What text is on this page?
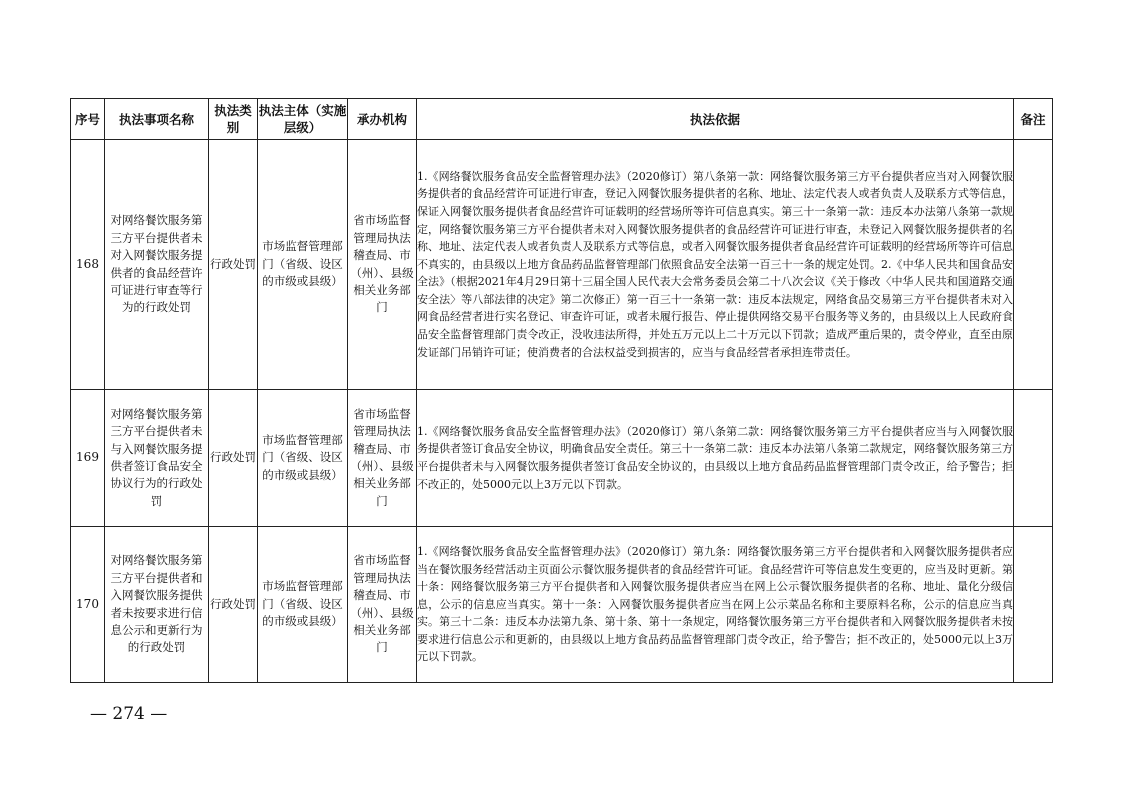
序号	执法事项名称	执法类别	执法主体（实施层级）	承办机构	执法依据	备注
168	对网络餐饮服务第三方平台提供者未对入网餐饮服务提供者的食品经营许可证进行审查等行为的行政处罚	行政处罚	市场监督管理部门（省级、设区的市级或县级）	省市场监督管理局执法稽查局、市（州）、县级相关业务部门	1.《网络餐饮服务食品安全监督管理办法》（2020修订）第八条第一款：网络餐饮服务第三方平台提供者应当对入网餐饮服务提供者的食品经营许可证进行审查，登记入网餐饮服务提供者的名称、地址、法定代表人或者负责人及联系方式等信息，保证入网餐饮服务提供者食品经营许可证载明的经营场所等许可信息真实。第三十一条第一款：违反本办法第八条第一款规定，网络餐饮服务第三方平台提供者未对入网餐饮服务提供者的食品经营许可证进行审查，未登记入网餐饮服务提供者的名称、地址、法定代表人或者负责人及联系方式等信息，或者入网餐饮服务提供者食品经营许可证载明的经营场所等许可信息不真实的，由县级以上地方食品药品监督管理部门依照食品安全法第一百三十一条的规定处罚。2.《中华人民共和国食品安全法》（根据2021年4月29日第十三届全国人民代表大会常务委员会第二十八次会议《关于修改〈中华人民共和国道路交通安全法〉等八部法律的决定》第二次修正）第一百三十一条第一款：违反本法规定，网络食品交易第三方平台提供者未对入网食品经营者进行实名登记、审查许可证，或者未履行报告、停止提供网络交易平台服务等义务的，由县级以上人民政府食品安全监督管理部门责令改正，没收违法所得，并处五万元以上二十万元以下罚款；造成严重后果的，责令停业，直至由原发证部门吊销许可证；使消费者的合法权益受到损害的，应当与食品经营者承担连带责任。	
169	对网络餐饮服务第三方平台提供者未与入网餐饮服务提供者签订食品安全协议行为的行政处罚	行政处罚	市场监督管理部门（省级、设区的市级或县级）	省市场监督管理局执法稽查局、市（州）、县级相关业务部门	1.《网络餐饮服务食品安全监督管理办法》（2020修订）第八条第二款：网络餐饮服务第三方平台提供者应当与入网餐饮服务提供者签订食品安全协议，明确食品安全责任。第三十一条第二款：违反本办法第八条第二款规定，网络餐饮服务第三方平台提供者未与入网餐饮服务提供者签订食品安全协议的，由县级以上地方食品药品监督管理部门责令改正，给予警告；拒不改正的，处5000元以上3万元以下罚款。	
170	对网络餐饮服务第三方平台提供者和入网餐饮服务提供者未按要求进行信息公示和更新行为的行政处罚	行政处罚	市场监督管理部门（省级、设区的市级或县级）	省市场监督管理局执法稽查局、市（州）、县级相关业务部门	1.《网络餐饮服务食品安全监督管理办法》（2020修订）第九条：网络餐饮服务第三方平台提供者和入网餐饮服务提供者应当在餐饮服务经营活动主页面公示餐饮服务提供者的食品经营许可证。食品经营许可等信息发生变更的，应当及时更新。第十条：网络餐饮服务第三方平台提供者和入网餐饮服务提供者应当在网上公示餐饮服务提供者的名称、地址、量化分级信息，公示的信息应当真实。第十一条：入网餐饮服务提供者应当在网上公示菜品名称和主要原料名称，公示的信息应当真实。第三十二条：违反本办法第九条、第十条、第十一条规定，网络餐饮服务第三方平台提供者和入网餐饮服务提供者未按要求进行信息公示和更新的，由县级以上地方食品药品监督管理部门责令改正，给予警告；拒不改正的，处5000元以上3万元以下罚款。	
— 274 —
